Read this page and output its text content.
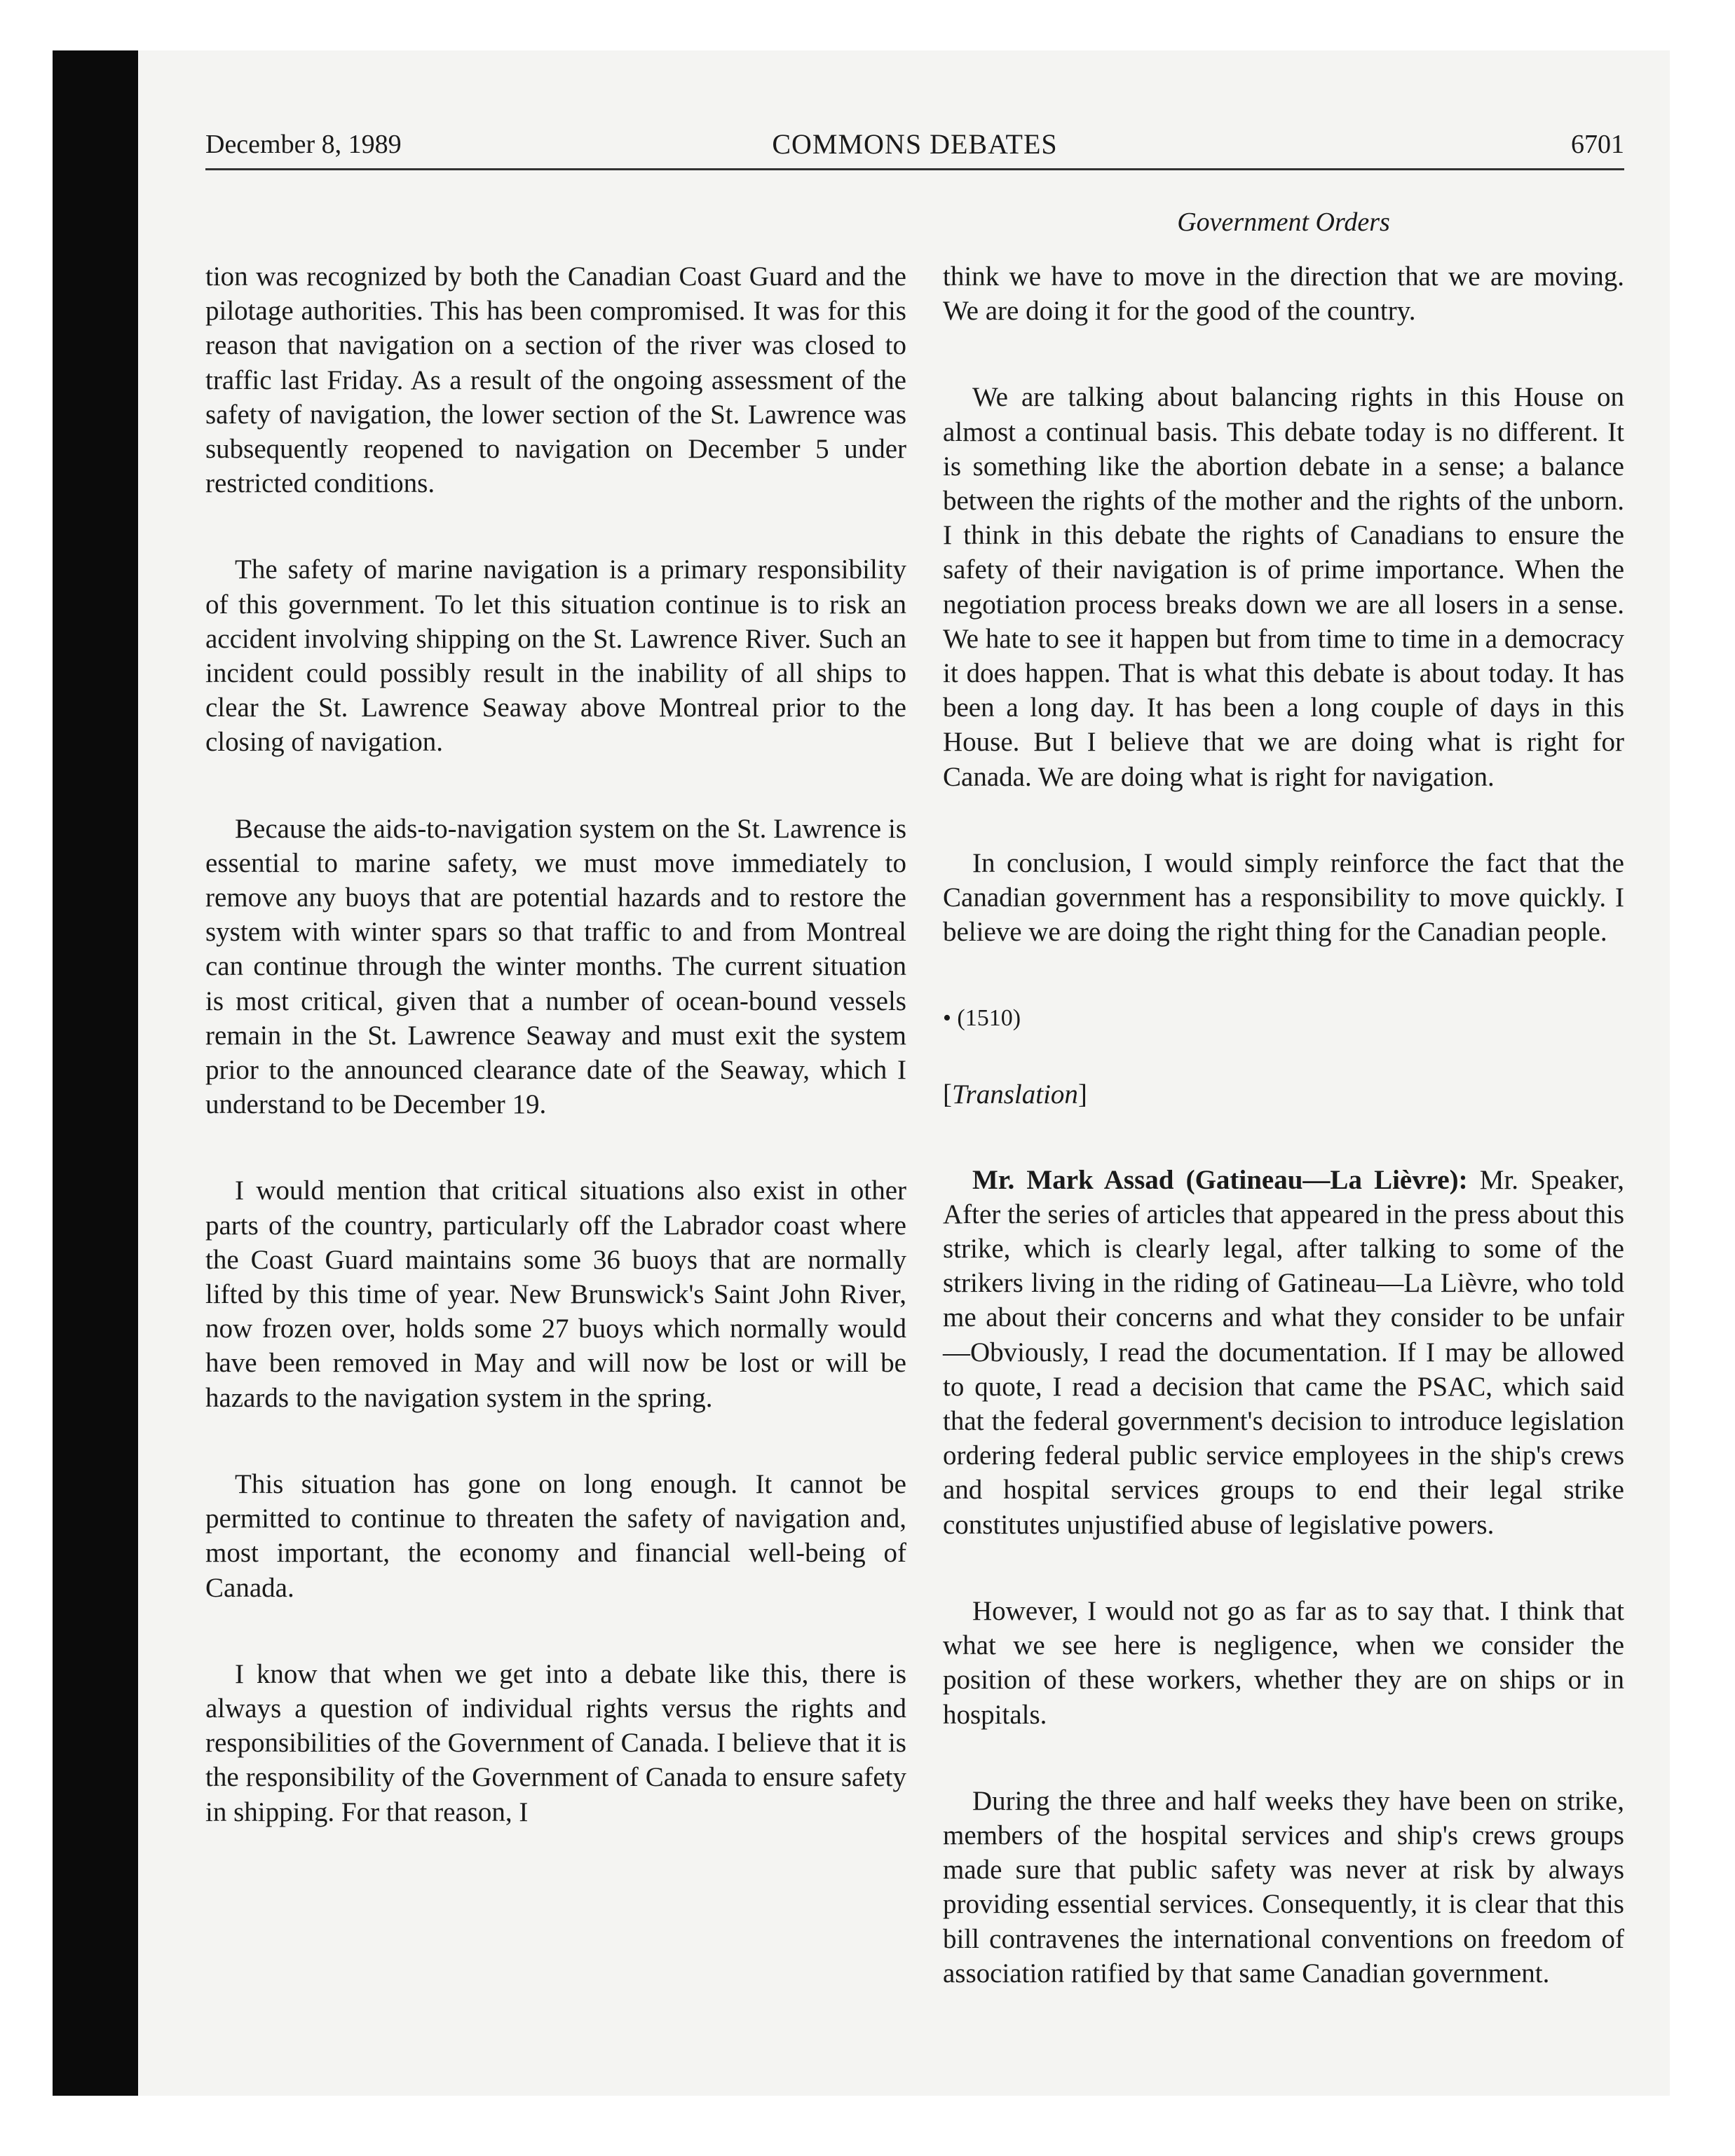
December 8, 1989	COMMONS DEBATES	6701
Government Orders

tion was recognized by both the Canadian Coast Guard and the pilotage authorities. This has been compromised. It was for this reason that navigation on a section of the river was closed to traffic last Friday. As a result of the ongoing assessment of the safety of navigation, the lower section of the St. Lawrence was subsequently reopened to navigation on December 5 under restricted conditions.

The safety of marine navigation is a primary responsibility of this government. To let this situation continue is to risk an accident involving shipping on the St. Lawrence River. Such an incident could possibly result in the inability of all ships to clear the St. Lawrence Seaway above Montreal prior to the closing of navigation.

Because the aids-to-navigation system on the St. Lawrence is essential to marine safety, we must move immediately to remove any buoys that are potential hazards and to restore the system with winter spars so that traffic to and from Montreal can continue through the winter months. The current situation is most critical, given that a number of ocean-bound vessels remain in the St. Lawrence Seaway and must exit the system prior to the announced clearance date of the Seaway, which I understand to be December 19.

I would mention that critical situations also exist in other parts of the country, particularly off the Labrador coast where the Coast Guard maintains some 36 buoys that are normally lifted by this time of year. New Brunswick's Saint John River, now frozen over, holds some 27 buoys which normally would have been removed in May and will now be lost or will be hazards to the navigation system in the spring.

This situation has gone on long enough. It cannot be permitted to continue to threaten the safety of navigation and, most important, the economy and financial well-being of Canada.

I know that when we get into a debate like this, there is always a question of individual rights versus the rights and responsibilities of the Government of Canada. I believe that it is the responsibility of the Government of Canada to ensure safety in shipping. For that reason, I

think we have to move in the direction that we are moving. We are doing it for the good of the country.

We are talking about balancing rights in this House on almost a continual basis. This debate today is no different. It is something like the abortion debate in a sense; a balance between the rights of the mother and the rights of the unborn. I think in this debate the rights of Canadians to ensure the safety of their navigation is of prime importance. When the negotiation process breaks down we are all losers in a sense. We hate to see it happen but from time to time in a democracy it does happen. That is what this debate is about today. It has been a long day. It has been a long couple of days in this House. But I believe that we are doing what is right for Canada. We are doing what is right for navigation.

In conclusion, I would simply reinforce the fact that the Canadian government has a responsibility to move quickly. I believe we are doing the right thing for the Canadian people.

• (1510)
[Translation]

Mr. Mark Assad (Gatineau—La Lièvre): Mr. Speaker, After the series of articles that appeared in the press about this strike, which is clearly legal, after talking to some of the strikers living in the riding of Gatineau—La Lièvre, who told me about their concerns and what they consider to be unfair—Obviously, I read the documentation. If I may be allowed to quote, I read a decision that came the PSAC, which said that the federal government's decision to introduce legislation ordering federal public service employees in the ship's crews and hospital services groups to end their legal strike constitutes unjustified abuse of legislative powers.

However, I would not go as far as to say that. I think that what we see here is negligence, when we consider the position of these workers, whether they are on ships or in hospitals.

During the three and half weeks they have been on strike, members of the hospital services and ship's crews groups made sure that public safety was never at risk by always providing essential services. Consequently, it is clear that this bill contravenes the international conventions on freedom of association ratified by that same Canadian government.
